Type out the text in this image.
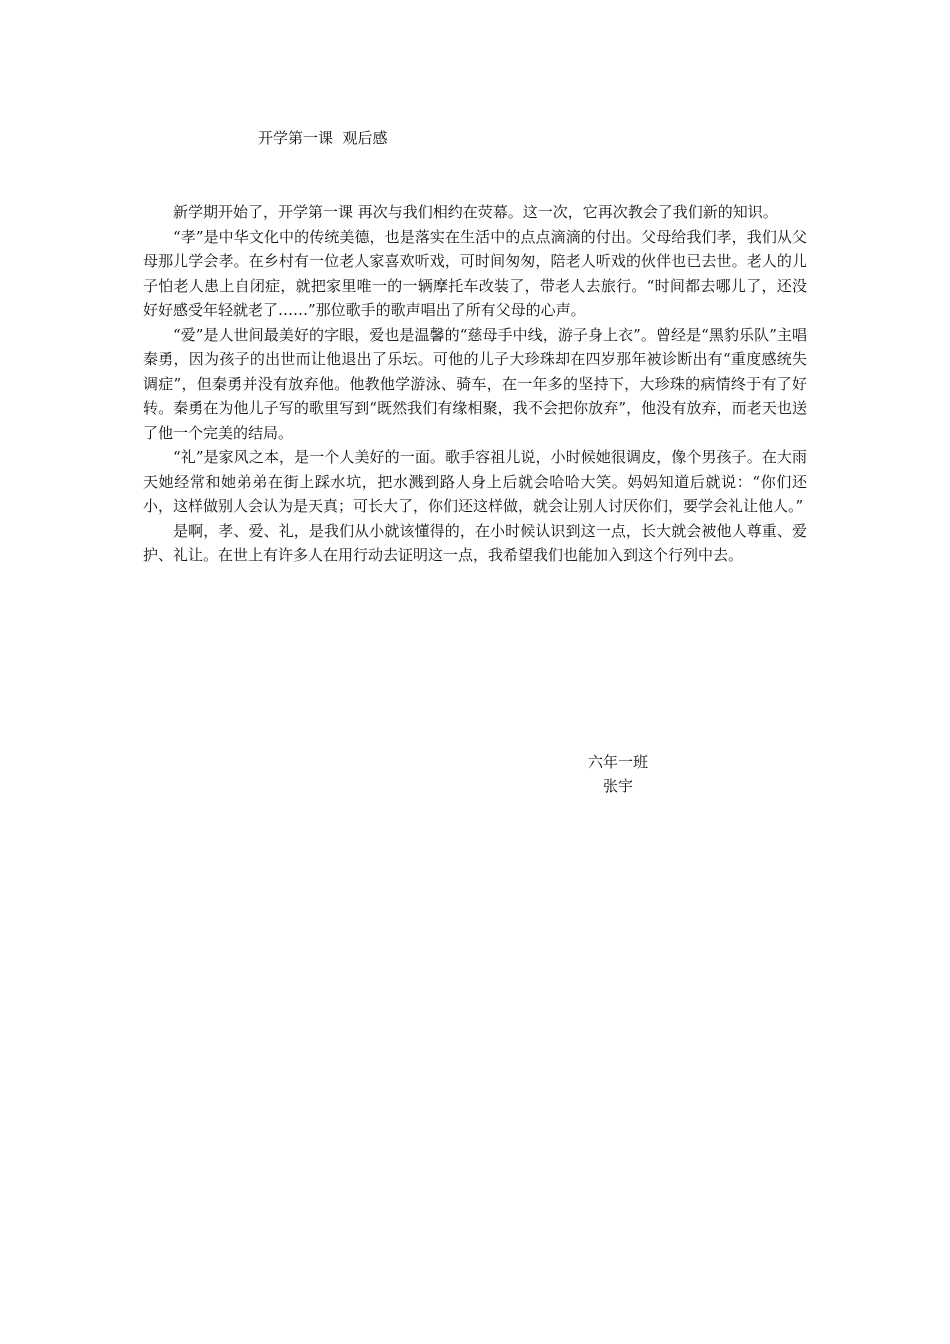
开学第一课  观后感

新学期开始了，开学第一课 再次与我们相约在荧幕。这一次，它再次教会了我们新的知识。

“孝”是中华文化中的传统美德，也是落实在生活中的点点滴滴的付出。父母给我们孝，我们从父母那儿学会孝。在乡村有一位老人家喜欢听戏，可时间匆匆，陪老人听戏的伙伴也已去世。老人的儿子怕老人患上自闭症，就把家里唯一的一辆摩托车改装了，带老人去旅行。“时间都去哪儿了，还没好好感受年轻就老了……”那位歌手的歌声唱出了所有父母的心声。

“爱”是人世间最美好的字眼，爱也是温馨的“慈母手中线，游子身上衣”。曾经是“黑豹乐队”主唱秦勇，因为孩子的出世而让他退出了乐坛。可他的儿子大珍珠却在四岁那年被诊断出有“重度感统失调症”，但秦勇并没有放弃他。他教他学游泳、骑车，在一年多的坚持下，大珍珠的病情终于有了好转。秦勇在为他儿子写的歌里写到“既然我们有缘相聚，我不会把你放弃”，他没有放弃，而老天也送了他一个完美的结局。

“礼”是家风之本，是一个人美好的一面。歌手容祖儿说，小时候她很调皮，像个男孩子。在大雨天她经常和她弟弟在街上踩水坑，把水溅到路人身上后就会哈哈大笑。妈妈知道后就说：“你们还小，这样做别人会认为是天真；可长大了，你们还这样做，就会让别人讨厌你们，要学会礼让他人。”

是啊，孝、爱、礼，是我们从小就该懂得的，在小时候认识到这一点，长大就会被他人尊重、爱护、礼让。在世上有许多人在用行动去证明这一点，我希望我们也能加入到这个行列中去。

六年一班
张宇
